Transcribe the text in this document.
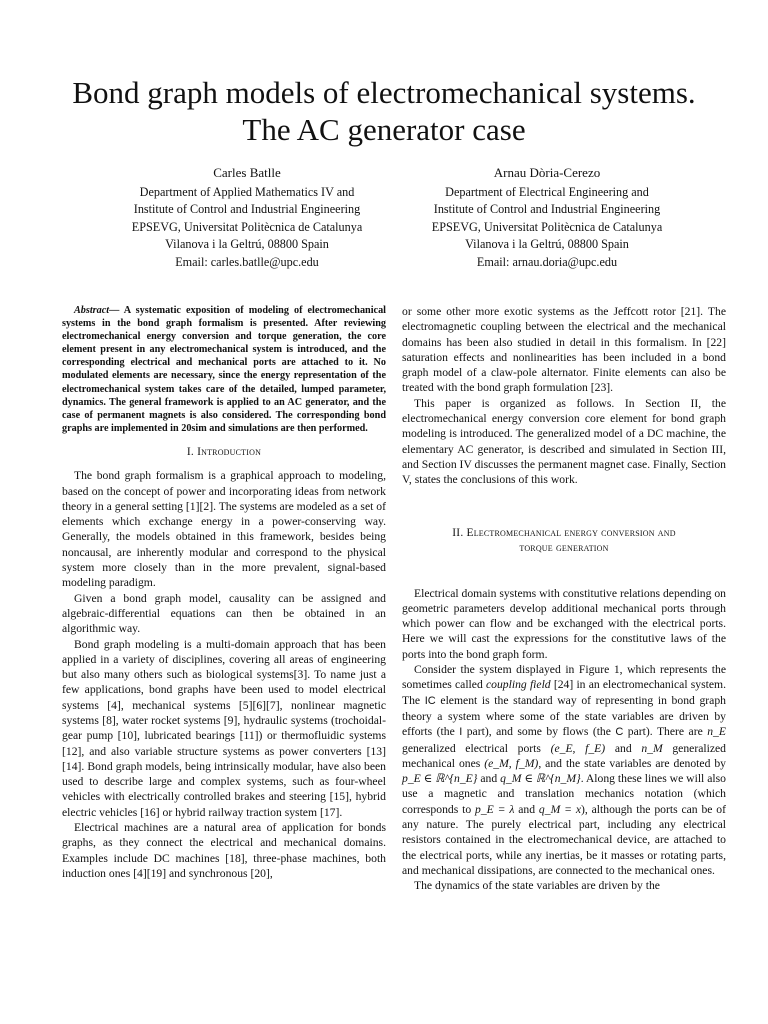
Bond graph models of electromechanical systems.
The AC generator case
Carles Batlle
Department of Applied Mathematics IV and
Institute of Control and Industrial Engineering
EPSEVG, Universitat Politècnica de Catalunya
Vilanova i la Geltrú, 08800 Spain
Email: carles.batlle@upc.edu
Arnau Dòria-Cerezo
Department of Electrical Engineering and
Institute of Control and Industrial Engineering
EPSEVG, Universitat Politècnica de Catalunya
Vilanova i la Geltrú, 08800 Spain
Email: arnau.doria@upc.edu

Abstract— A systematic exposition of modeling of electromechanical systems in the bond graph formalism is presented. After reviewing electromechanical energy conversion and torque generation, the core element present in any electromechanical system is introduced, and the corresponding electrical and mechanical ports are attached to it. No modulated elements are necessary, since the energy representation of the electromechanical system takes care of the detailed, lumped parameter, dynamics. The general framework is applied to an AC generator, and the case of permanent magnets is also considered. The corresponding bond graphs are implemented in 20sim and simulations are then performed.

I. Introduction

The bond graph formalism is a graphical approach to modeling, based on the concept of power and incorporating ideas from network theory in a general setting [1][2]. The systems are modeled as a set of elements which exchange energy in a power-conserving way. Generally, the models obtained in this framework, besides being noncausal, are inherently modular and correspond to the physical system more closely than in the more prevalent, signal-based modeling paradigm.

Given a bond graph model, causality can be assigned and algebraic-differential equations can then be obtained in an algorithmic way.

Bond graph modeling is a multi-domain approach that has been applied in a variety of disciplines, covering all areas of engineering but also many others such as biological systems[3]. To name just a few applications, bond graphs have been used to model electrical systems [4], mechanical systems [5][6][7], nonlinear magnetic systems [8], water rocket systems [9], hydraulic systems (trochoidal-gear pump [10], lubricated bearings [11]) or thermofluidic systems [12], and also variable structure systems as power converters [13][14]. Bond graph models, being intrinsically modular, have also been used to describe large and complex systems, such as four-wheel vehicles with electrically controlled brakes and steering [15], hybrid electric vehicles [16] or hybrid railway traction system [17].

Electrical machines are a natural area of application for bonds graphs, as they connect the electrical and mechanical domains. Examples include DC machines [18], three-phase machines, both induction ones [4][19] and synchronous [20],

or some other more exotic systems as the Jeffcott rotor [21]. The electromagnetic coupling between the electrical and the mechanical domains has been also studied in detail in this formalism. In [22] saturation effects and nonlinearities has been included in a bond graph model of a claw-pole alternator. Finite elements can also be treated with the bond graph formulation [23].

This paper is organized as follows. In Section II, the electromechanical energy conversion core element for bond graph modeling is introduced. The generalized model of a DC machine, the elementary AC generator, is described and simulated in Section III, and Section IV discusses the permanent magnet case. Finally, Section V, states the conclusions of this work.

II. Electromechanical energy conversion and
torque generation

Electrical domain systems with constitutive relations depending on geometric parameters develop additional mechanical ports through which power can flow and be exchanged with the electrical ports. Here we will cast the expressions for the constitutive laws of the ports into the bond graph form.

Consider the system displayed in Figure 1, which represents the sometimes called coupling field [24] in an electromechanical system. The IC element is the standard way of representing in bond graph theory a system where some of the state variables are driven by efforts (the I part), and some by flows (the C part). There are n_E generalized electrical ports (e_E, f_E) and n_M generalized mechanical ones (e_M, f_M), and the state variables are denoted by p_E ∈ ℝ^{n_E} and q_M ∈ ℝ^{n_M}. Along these lines we will also use a magnetic and translation mechanics notation (which corresponds to p_E = λ and q_M = x), although the ports can be of any nature. The purely electrical part, including any electrical resistors contained in the electromechanical device, are attached to the electrical ports, while any inertias, be it masses or rotating parts, and mechanical dissipations, are connected to the mechanical ones.

The dynamics of the state variables are driven by the
